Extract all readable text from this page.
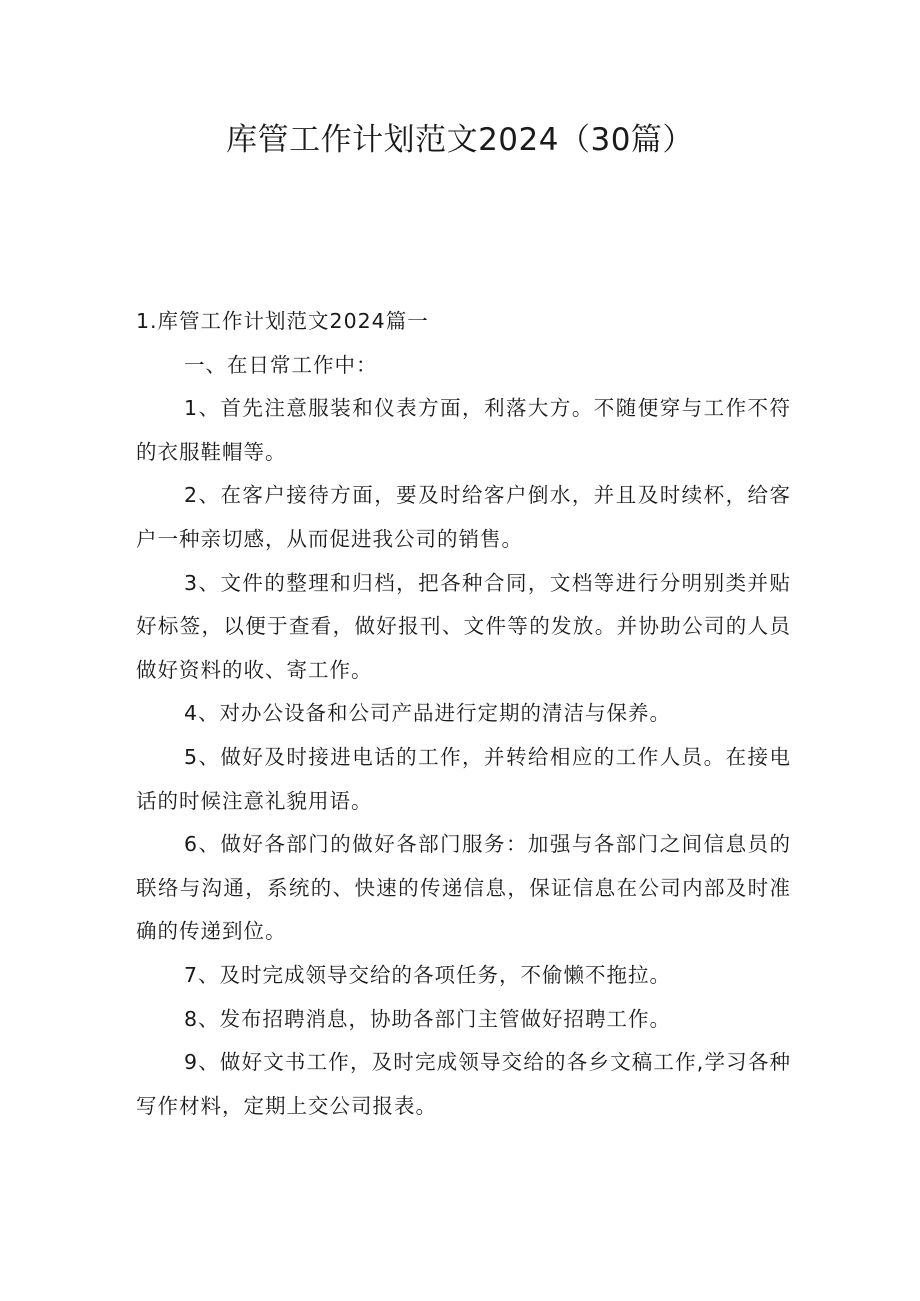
库管工作计划范文2024（30篇）

1.库管工作计划范文2024篇一

一、在日常工作中：

1、首先注意服装和仪表方面，利落大方。不随便穿与工作不符的衣服鞋帽等。

2、在客户接待方面，要及时给客户倒水，并且及时续杯，给客户一种亲切感，从而促进我公司的销售。

3、文件的整理和归档，把各种合同，文档等进行分明别类并贴好标签，以便于查看，做好报刊、文件等的发放。并协助公司的人员做好资料的收、寄工作。

4、对办公设备和公司产品进行定期的清洁与保养。

5、做好及时接进电话的工作，并转给相应的工作人员。在接电话的时候注意礼貌用语。

6、做好各部门的做好各部门服务：加强与各部门之间信息员的联络与沟通，系统的、快速的传递信息，保证信息在公司内部及时准确的传递到位。

7、及时完成领导交给的各项任务，不偷懒不拖拉。

8、发布招聘消息，协助各部门主管做好招聘工作。

9、做好文书工作，及时完成领导交给的各乡文稿工作,学习各种写作材料，定期上交公司报表。
